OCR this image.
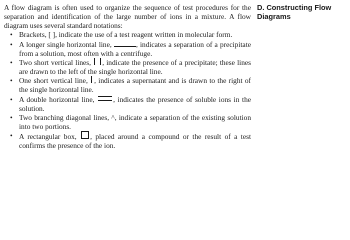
A flow diagram is often used to organize the sequence of test procedures for the separation and identification of the large number of ions in a mixture. A flow diagram uses several standard notations:

• Brackets, [ ], indicate the use of a test reagent written in molecular form.
• A longer single horizontal line,	, indicates a separation of a precipitate from a solution, most often with a centrifuge.
• Two short vertical lines, , indicate the presence of a precipitate; these lines are drawn to the left of the single horizontal line.
• One short vertical line, , indicates a supernatant and is drawn to the right of the single horizontal line.
• A double horizontal line,	, indicates the presence of soluble ions in the solution.
• Two branching diagonal lines, ^, indicate a separation of the existing solution into two portions.
• A rectangular box, , placed around a compound or the result of a test confirms the presence of the ion.
D. Constructing Flow Diagrams
